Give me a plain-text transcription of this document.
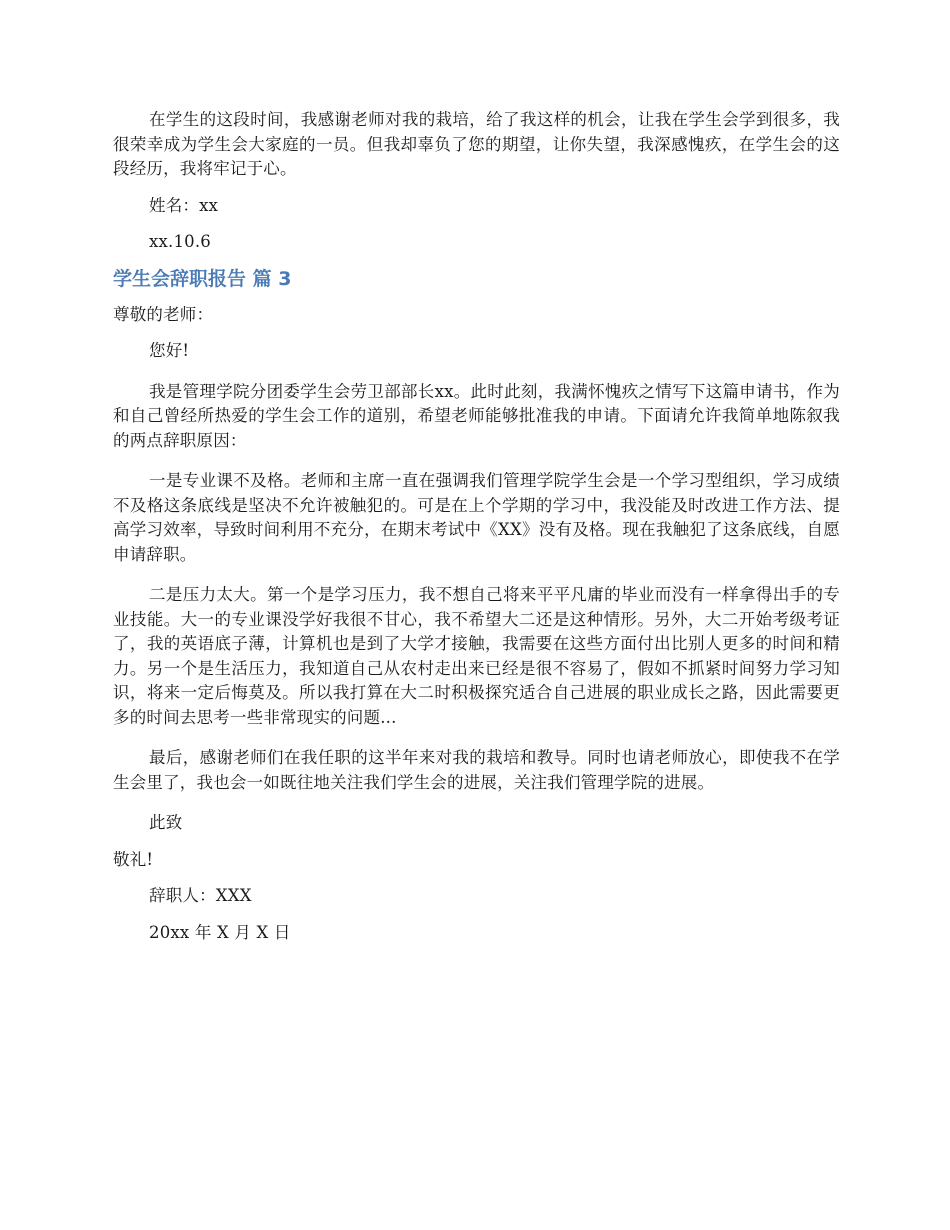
在学生的这段时间，我感谢老师对我的栽培，给了我这样的机会，让我在学生会学到很多，我很荣幸成为学生会大家庭的一员。但我却辜负了您的期望，让你失望，我深感愧疚，在学生会的这段经历，我将牢记于心。

姓名：xx

xx.10.6

学生会辞职报告 篇 3

尊敬的老师：

您好!

我是管理学院分团委学生会劳卫部部长xx。此时此刻，我满怀愧疚之情写下这篇申请书，作为和自己曾经所热爱的学生会工作的道别，希望老师能够批准我的申请。下面请允许我简单地陈叙我的两点辞职原因：

一是专业课不及格。老师和主席一直在强调我们管理学院学生会是一个学习型组织，学习成绩不及格这条底线是坚决不允许被触犯的。可是在上个学期的学习中，我没能及时改进工作方法、提高学习效率，导致时间利用不充分，在期末考试中《XX》没有及格。现在我触犯了这条底线，自愿申请辞职。

二是压力太大。第一个是学习压力，我不想自己将来平平凡庸的毕业而没有一样拿得出手的专业技能。大一的专业课没学好我很不甘心，我不希望大二还是这种情形。另外，大二开始考级考证了，我的英语底子薄，计算机也是到了大学才接触，我需要在这些方面付出比别人更多的时间和精力。另一个是生活压力，我知道自己从农村走出来已经是很不容易了，假如不抓紧时间努力学习知识，将来一定后悔莫及。所以我打算在大二时积极探究适合自己进展的职业成长之路，因此需要更多的时间去思考一些非常现实的问题...

最后，感谢老师们在我任职的这半年来对我的栽培和教导。同时也请老师放心，即使我不在学生会里了，我也会一如既往地关注我们学生会的进展，关注我们管理学院的进展。

此致

敬礼!

辞职人：XXX

20xx 年 X 月 X 日
